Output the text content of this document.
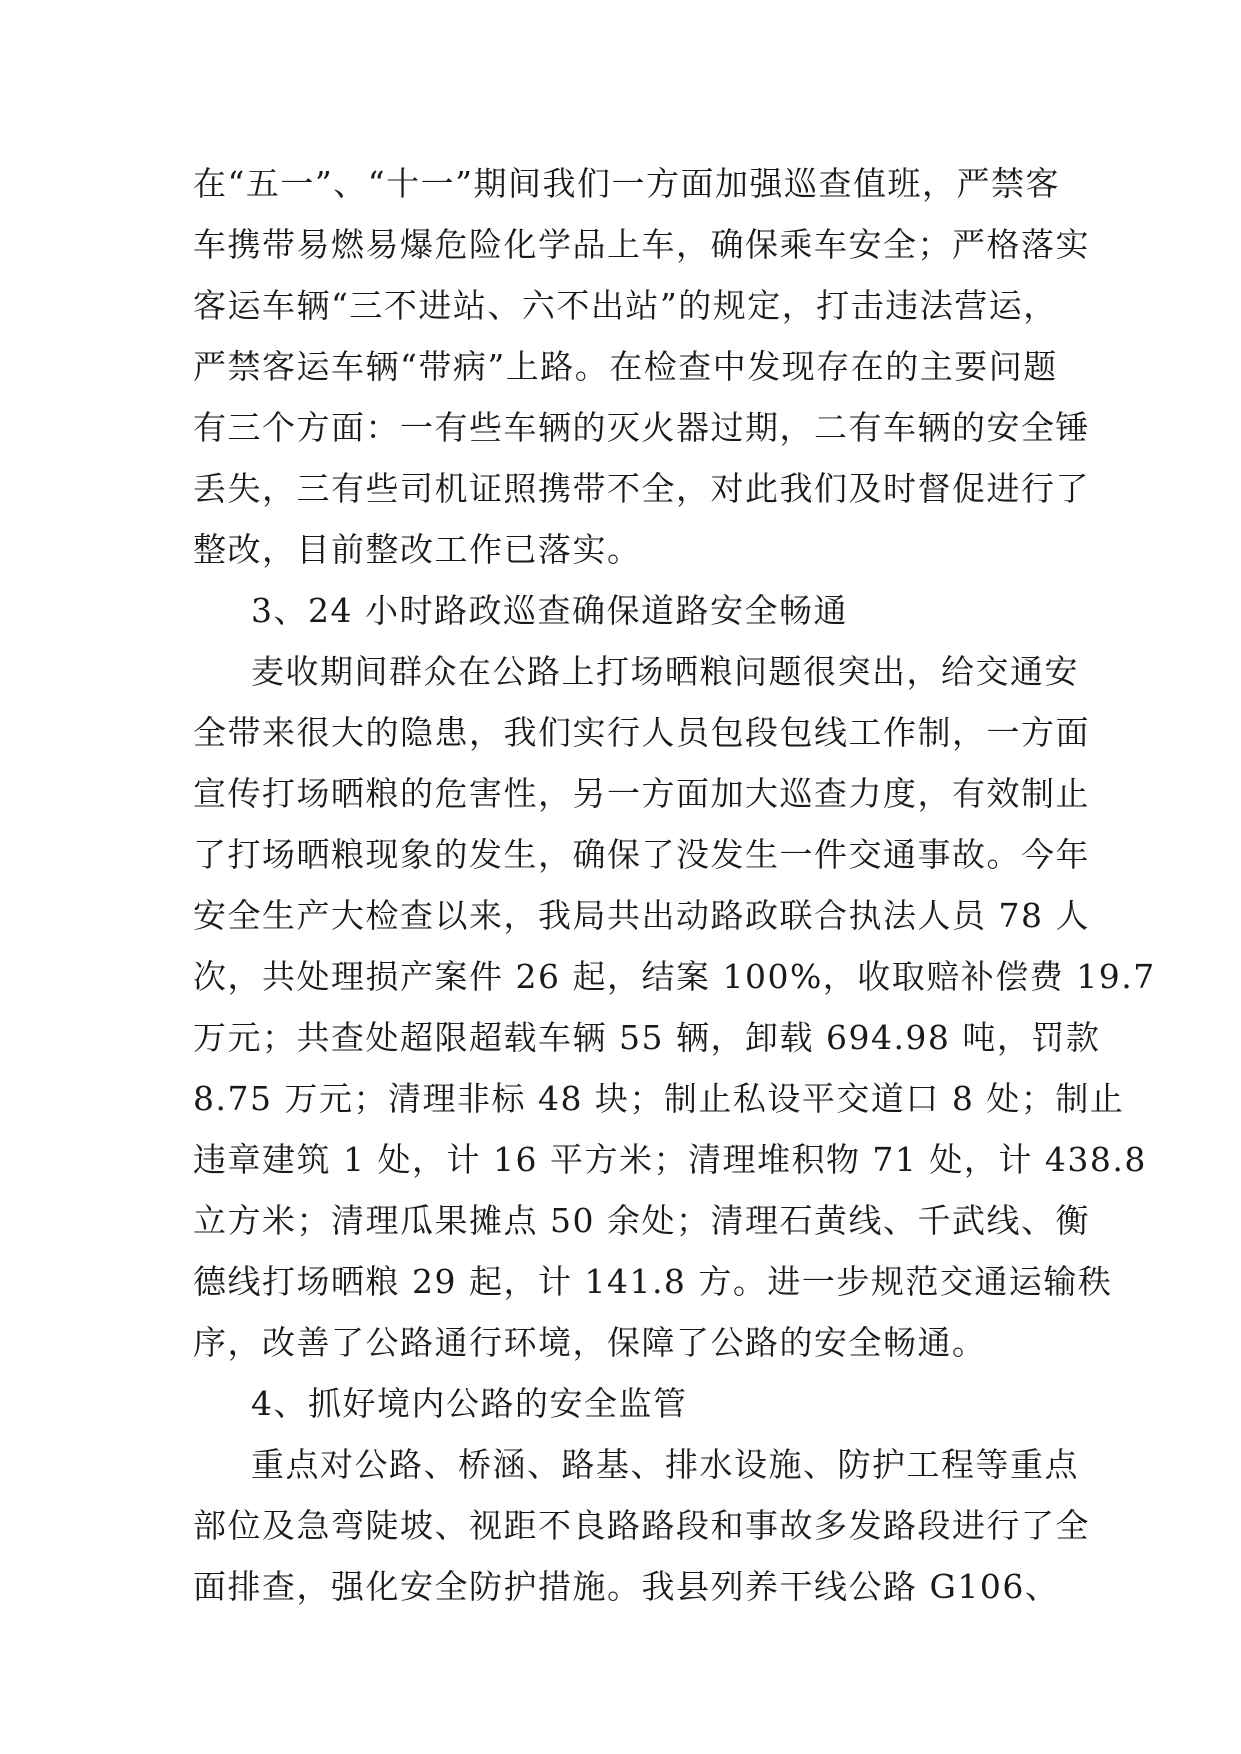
在“五一”、“十一”期间我们一方面加强巡查值班，严禁客
车携带易燃易爆危险化学品上车，确保乘车安全；严格落实
客运车辆“三不进站、六不出站”的规定，打击违法营运，
严禁客运车辆“带病”上路。在检查中发现存在的主要问题
有三个方面：一有些车辆的灭火器过期，二有车辆的安全锤
丢失，三有些司机证照携带不全，对此我们及时督促进行了
整改，目前整改工作已落实。
3、24 小时路政巡查确保道路安全畅通
麦收期间群众在公路上打场晒粮问题很突出，给交通安
全带来很大的隐患，我们实行人员包段包线工作制，一方面
宣传打场晒粮的危害性，另一方面加大巡查力度，有效制止
了打场晒粮现象的发生，确保了没发生一件交通事故。今年
安全生产大检查以来，我局共出动路政联合执法人员 78 人
次，共处理损产案件 26 起，结案 100%，收取赔补偿费 19.7
万元；共查处超限超载车辆 55 辆，卸载 694.98 吨，罚款
8.75 万元；清理非标 48 块；制止私设平交道口 8 处；制止
违章建筑 1 处，计 16 平方米；清理堆积物 71 处，计 438.8
立方米；清理瓜果摊点 50 余处；清理石黄线、千武线、衡
德线打场晒粮 29 起，计 141.8 方。进一步规范交通运输秩
序，改善了公路通行环境，保障了公路的安全畅通。
4、抓好境内公路的安全监管
重点对公路、桥涵、路基、排水设施、防护工程等重点
部位及急弯陡坡、视距不良路路段和事故多发路段进行了全
面排查，强化安全防护措施。我县列养干线公路 G106、
